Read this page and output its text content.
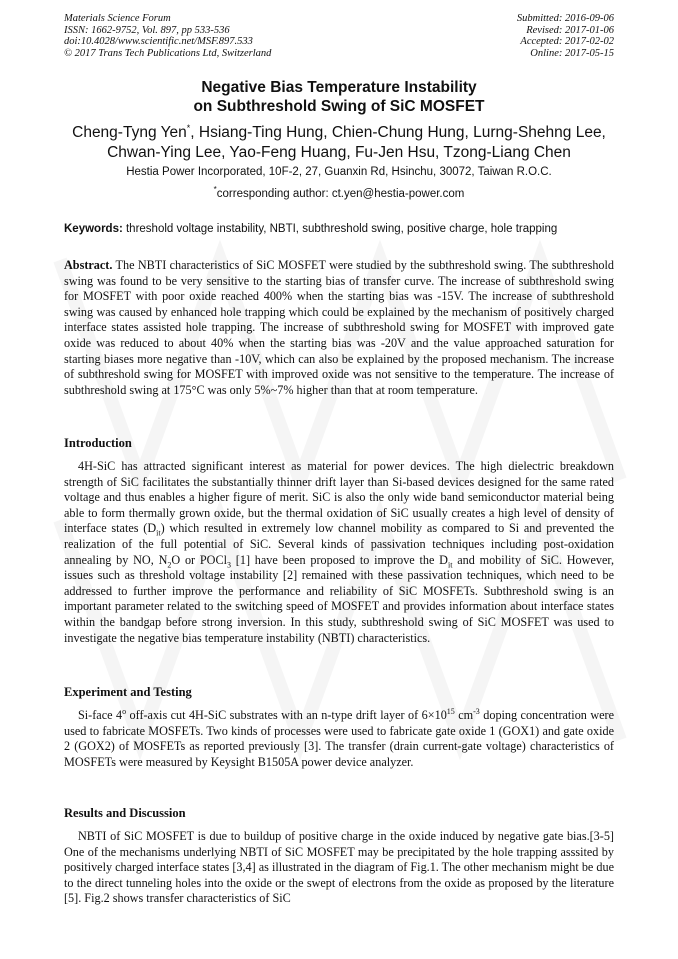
Materials Science Forum
ISSN: 1662-9752, Vol. 897, pp 533-536
doi:10.4028/www.scientific.net/MSF.897.533
© 2017 Trans Tech Publications Ltd, Switzerland
Submitted: 2016-09-06
Revised: 2017-01-06
Accepted: 2017-02-02
Online: 2017-05-15
Negative Bias Temperature Instability
on Subthreshold Swing of SiC MOSFET
Cheng-Tyng Yen*, Hsiang-Ting Hung, Chien-Chung Hung, Lurng-Shehng Lee,
Chwan-Ying Lee, Yao-Feng Huang, Fu-Jen Hsu, Tzong-Liang Chen
Hestia Power Incorporated, 10F-2, 27, Guanxin Rd, Hsinchu, 30072, Taiwan R.O.C.
*corresponding author: ct.yen@hestia-power.com
Keywords: threshold voltage instability, NBTI, subthreshold swing, positive charge, hole trapping
Abstract. The NBTI characteristics of SiC MOSFET were studied by the subthreshold swing. The subthreshold swing was found to be very sensitive to the starting bias of transfer curve. The increase of subthreshold swing for MOSFET with poor oxide reached 400% when the starting bias was -15V. The increase of subthreshold swing was caused by enhanced hole trapping which could be explained by the mechanism of positively charged interface states assisted hole trapping. The increase of subthreshold swing for MOSFET with improved gate oxide was reduced to about 40% when the starting bias was -20V and the value approached saturation for starting biases more negative than -10V, which can also be explained by the proposed mechanism. The increase of subthreshold swing for MOSFET with improved oxide was not sensitive to the temperature. The increase of subthreshold swing at 175°C was only 5%~7% higher than that at room temperature.
Introduction
4H-SiC has attracted significant interest as material for power devices. The high dielectric breakdown strength of SiC facilitates the substantially thinner drift layer than Si-based devices designed for the same rated voltage and thus enables a higher figure of merit. SiC is also the only wide band semiconductor material being able to form thermally grown oxide, but the thermal oxidation of SiC usually creates a high level of density of interface states $(D_{it})$ which resulted in extremely low channel mobility as compared to Si and prevented the realization of the full potential of SiC. Several kinds of passivation techniques including post-oxidation annealing by NO, $N_2O$ or POCl$_3$ [1] have been proposed to improve the $D_{it}$ and mobility of SiC. However, issues such as threshold voltage instability [2] remained with these passivation techniques, which need to be addressed to further improve the performance and reliability of SiC MOSFETs. Subthreshold swing is an important parameter related to the switching speed of MOSFET and provides information about interface states within the bandgap before strong inversion. In this study, subthreshold swing of SiC MOSFET was used to investigate the negative bias temperature instability (NBTI) characteristics.
Experiment and Testing
Si-face 4$^o$ off-axis cut 4H-SiC substrates with an n-type drift layer of $6\times 10^{15}$ $cm^{-3}$ doping concentration were used to fabricate MOSFETs. Two kinds of processes were used to fabricate gate oxide 1 (GOX1) and gate oxide 2 (GOX2) of MOSFETs as reported previously [3]. The transfer (drain current-gate voltage) characteristics of MOSFETs were measured by Keysight B1505A power device analyzer.
Results and Discussion
NBTI of SiC MOSFET is due to buildup of positive charge in the oxide induced by negative gate bias.[3-5] One of the mechanisms underlying NBTI of SiC MOSFET may be precipitated by the hole trapping asssited by positively charged interface states [3,4] as illustrated in the diagram of Fig.1. The other mechanism might be due to the direct tunneling holes into the oxide or the swept of electrons from the oxide as proposed by the literature [5]. Fig.2 shows transfer characteristics of SiC
